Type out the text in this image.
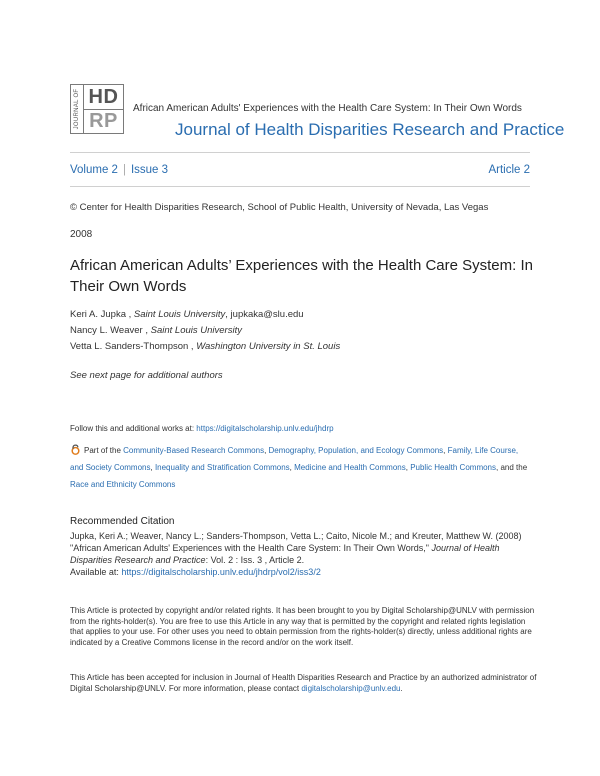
JOURNAL OF HD
RP
African American Adults' Experiences with the Health Care System: In Their Own Words
Journal of Health Disparities Research and Practice
Volume 2 | Issue 3	Article 2
© Center for Health Disparities Research, School of Public Health, University of Nevada, Las Vegas
2008
African American Adults’ Experiences with the Health Care System: In Their Own Words
Keri A. Jupka , Saint Louis University, jupkaka@slu.edu
Nancy L. Weaver , Saint Louis University
Vetta L. Sanders-Thompson , Washington University in St. Louis
See next page for additional authors
Follow this and additional works at: https://digitalscholarship.unlv.edu/jhdrp
Part of the Community-Based Research Commons, Demography, Population, and Ecology Commons, Family, Life Course, and Society Commons, Inequality and Stratification Commons, Medicine and Health Commons, Public Health Commons, and the Race and Ethnicity Commons
Recommended Citation
Jupka, Keri A.; Weaver, Nancy L.; Sanders-Thompson, Vetta L.; Caito, Nicole M.; and Kreuter, Matthew W. (2008) "African American Adults' Experiences with the Health Care System: In Their Own Words," Journal of Health Disparities Research and Practice: Vol. 2 : Iss. 3 , Article 2.
Available at: https://digitalscholarship.unlv.edu/jhdrp/vol2/iss3/2
This Article is protected by copyright and/or related rights. It has been brought to you by Digital Scholarship@UNLV with permission from the rights-holder(s). You are free to use this Article in any way that is permitted by the copyright and related rights legislation that applies to your use. For other uses you need to obtain permission from the rights-holder(s) directly, unless additional rights are indicated by a Creative Commons license in the record and/or on the work itself.
This Article has been accepted for inclusion in Journal of Health Disparities Research and Practice by an authorized administrator of Digital Scholarship@UNLV. For more information, please contact digitalscholarship@unlv.edu.
